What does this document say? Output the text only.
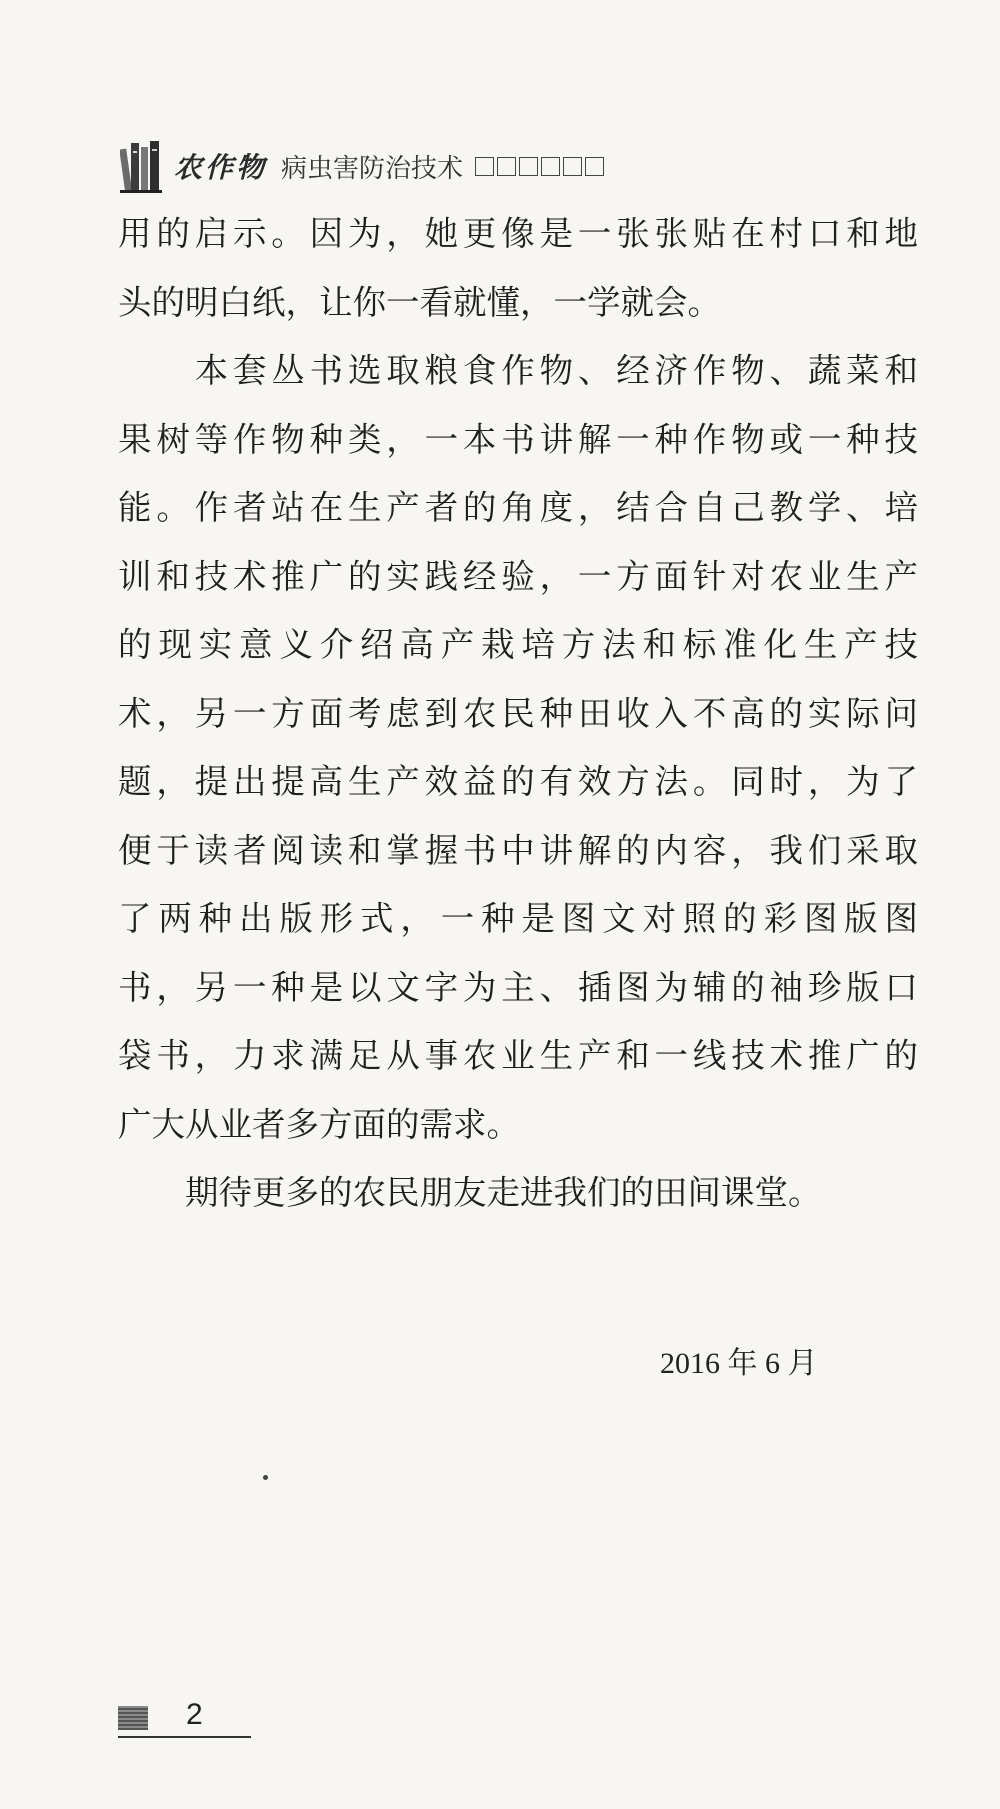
农作物 病虫害防治技术
用的启示。因为，她更像是一张张贴在村口和地
头的明白纸，让你一看就懂，一学就会。
　　本套丛书选取粮食作物、经济作物、蔬菜和
果树等作物种类，一本书讲解一种作物或一种技
能。作者站在生产者的角度，结合自己教学、培
训和技术推广的实践经验，一方面针对农业生产
的现实意义介绍高产栽培方法和标准化生产技
术，另一方面考虑到农民种田收入不高的实际问
题，提出提高生产效益的有效方法。同时，为了
便于读者阅读和掌握书中讲解的内容，我们采取
了两种出版形式，一种是图文对照的彩图版图
书，另一种是以文字为主、插图为辅的袖珍版口
袋书，力求满足从事农业生产和一线技术推广的
广大从业者多方面的需求。
　　期待更多的农民朋友走进我们的田间课堂。
2016 年 6 月
2
